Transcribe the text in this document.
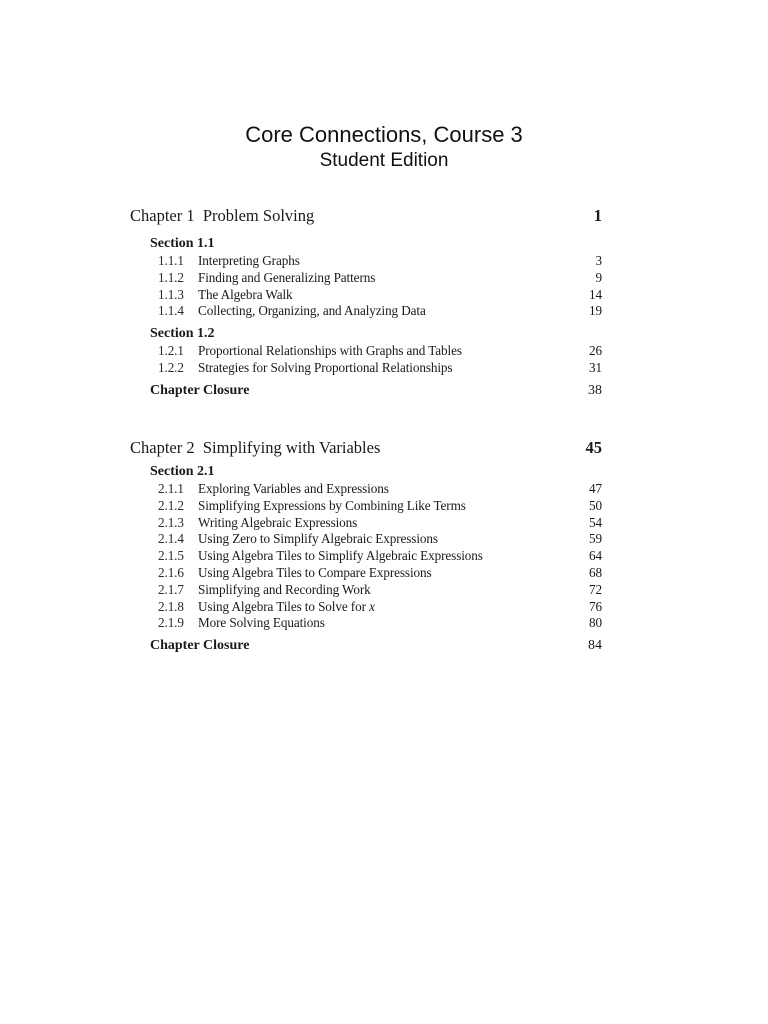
Core Connections, Course 3
Student Edition
Chapter 1  Problem Solving	1
Section 1.1
1.1.1 Interpreting Graphs	3
1.1.2 Finding and Generalizing Patterns	9
1.1.3 The Algebra Walk	14
1.1.4 Collecting, Organizing, and Analyzing Data	19
Section 1.2
1.2.1 Proportional Relationships with Graphs and Tables	26
1.2.2 Strategies for Solving Proportional Relationships	31
Chapter Closure	38
Chapter 2  Simplifying with Variables	45
Section 2.1
2.1.1 Exploring Variables and Expressions	47
2.1.2 Simplifying Expressions by Combining Like Terms	50
2.1.3 Writing Algebraic Expressions	54
2.1.4 Using Zero to Simplify Algebraic Expressions	59
2.1.5 Using Algebra Tiles to Simplify Algebraic Expressions	64
2.1.6 Using Algebra Tiles to Compare Expressions	68
2.1.7 Simplifying and Recording Work	72
2.1.8 Using Algebra Tiles to Solve for x	76
2.1.9 More Solving Equations	80
Chapter Closure	84
